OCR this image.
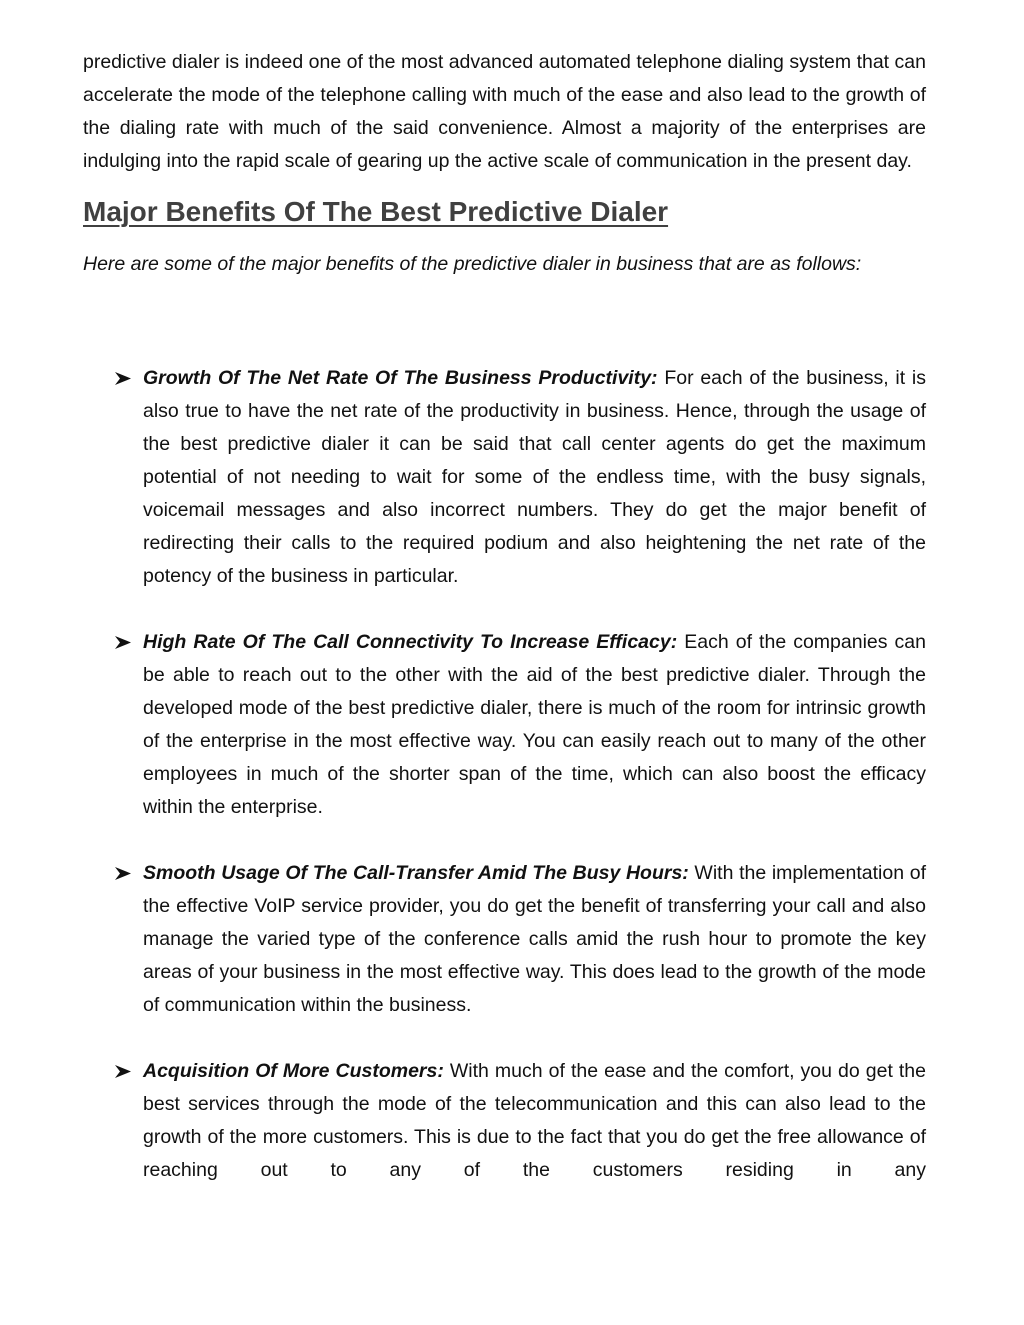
predictive dialer is indeed one of the most advanced automated telephone dialing system that can accelerate the mode of the telephone calling with much of the ease and also lead to the growth of the dialing rate with much of the said convenience. Almost a majority of the enterprises are indulging into the rapid scale of gearing up the active scale of communication in the present day.

Major Benefits Of The Best Predictive Dialer

Here are some of the major benefits of the predictive dialer in business that are as follows:

Growth Of The Net Rate Of The Business Productivity: For each of the business, it is also true to have the net rate of the productivity in business. Hence, through the usage of the best predictive dialer it can be said that call center agents do get the maximum potential of not needing to wait for some of the endless time, with the busy signals, voicemail messages and also incorrect numbers. They do get the major benefit of redirecting their calls to the required podium and also heightening the net rate of the potency of the business in particular.
High Rate Of The Call Connectivity To Increase Efficacy: Each of the companies can be able to reach out to the other with the aid of the best predictive dialer. Through the developed mode of the best predictive dialer, there is much of the room for intrinsic growth of the enterprise in the most effective way. You can easily reach out to many of the other employees in much of the shorter span of the time, which can also boost the efficacy within the enterprise.
Smooth Usage Of The Call-Transfer Amid The Busy Hours: With the implementation of the effective VoIP service provider, you do get the benefit of transferring your call and also manage the varied type of the conference calls amid the rush hour to promote the key areas of your business in the most effective way. This does lead to the growth of the mode of communication within the business.
Acquisition Of More Customers: With much of the ease and the comfort, you do get the best services through the mode of the telecommunication and this can also lead to the growth of the more customers. This is due to the fact that you do get the free allowance of reaching out to any of the customers residing in any
